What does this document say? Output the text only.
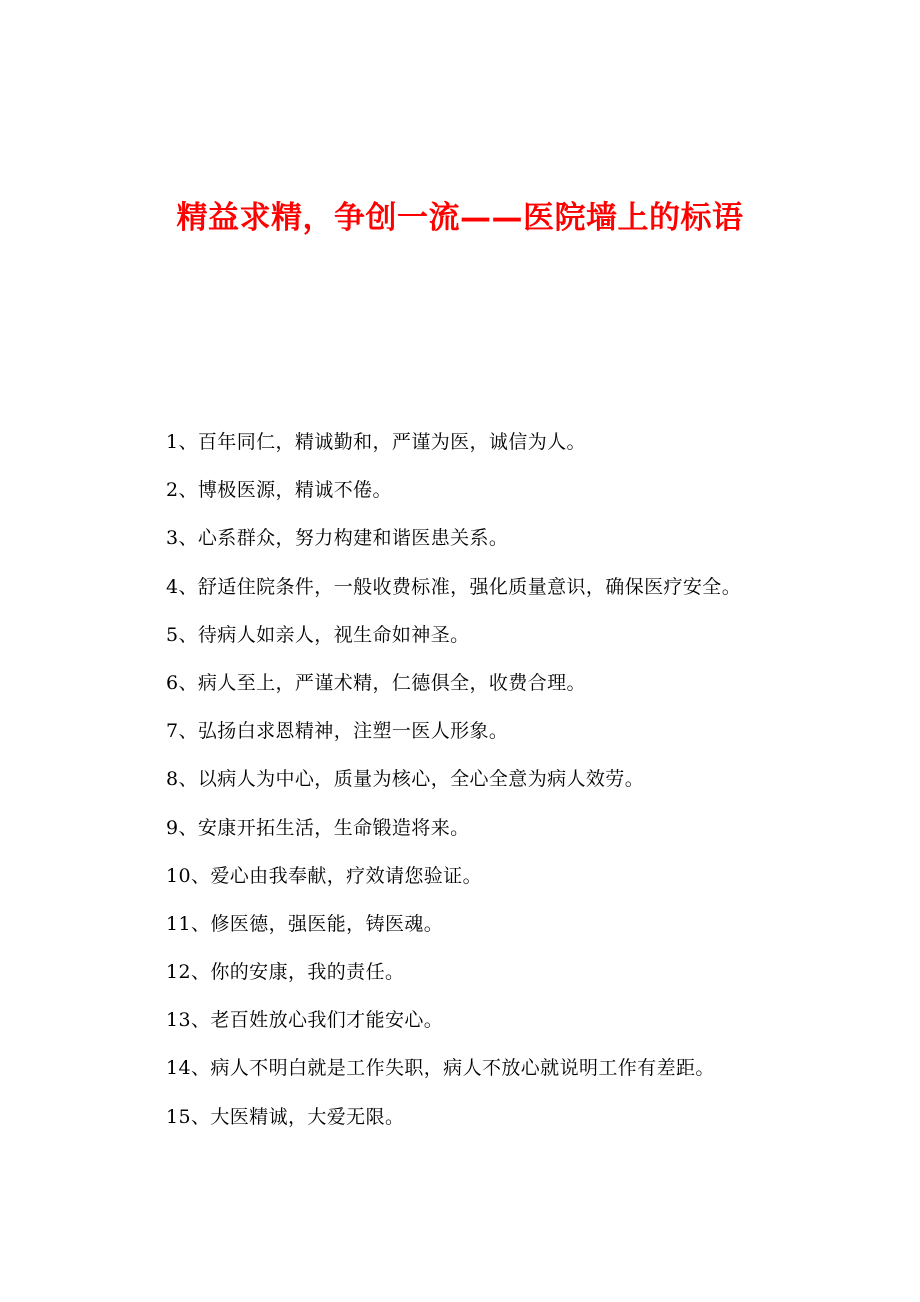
精益求精，争创一流——医院墙上的标语
1、百年同仁，精诚勤和，严谨为医，诚信为人。
2、博极医源，精诚不倦。
3、心系群众，努力构建和谐医患关系。
4、舒适住院条件，一般收费标准，强化质量意识，确保医疗安全。
5、待病人如亲人，视生命如神圣。
6、病人至上，严谨术精，仁德俱全，收费合理。
7、弘扬白求恩精神，注塑一医人形象。
8、以病人为中心，质量为核心，全心全意为病人效劳。
9、安康开拓生活，生命锻造将来。
10、爱心由我奉献，疗效请您验证。
11、修医德，强医能，铸医魂。
12、你的安康，我的责任。
13、老百姓放心我们才能安心。
14、病人不明白就是工作失职，病人不放心就说明工作有差距。
15、大医精诚，大爱无限。
